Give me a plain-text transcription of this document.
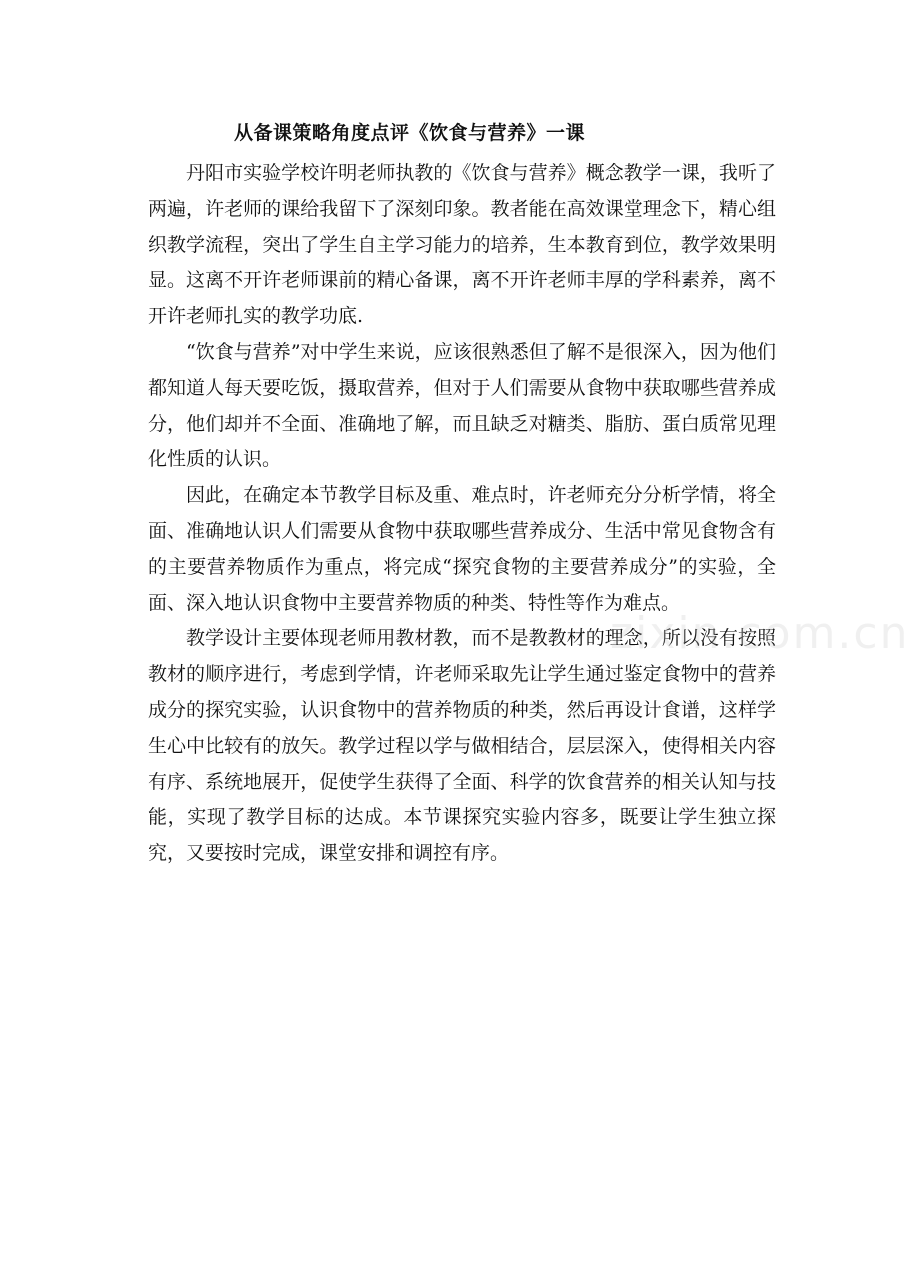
从备课策略角度点评《饮食与营养》一课

丹阳市实验学校许明老师执教的《饮食与营养》概念教学一课，我听了两遍，许老师的课给我留下了深刻印象。教者能在高效课堂理念下，精心组织教学流程，突出了学生自主学习能力的培养，生本教育到位，教学效果明显。这离不开许老师课前的精心备课，离不开许老师丰厚的学科素养，离不开许老师扎实的教学功底.

“饮食与营养”对中学生来说，应该很熟悉但了解不是很深入，因为他们都知道人每天要吃饭，摄取营养，但对于人们需要从食物中获取哪些营养成分，他们却并不全面、准确地了解，而且缺乏对糖类、脂肪、蛋白质常见理化性质的认识。

因此，在确定本节教学目标及重、难点时，许老师充分分析学情，将全面、准确地认识人们需要从食物中获取哪些营养成分、生活中常见食物含有的主要营养物质作为重点，将完成“探究食物的主要营养成分”的实验，全面、深入地认识食物中主要营养物质的种类、特性等作为难点。

教学设计主要体现老师用教材教，而不是教教材的理念，所以没有按照教材的顺序进行，考虑到学情，许老师采取先让学生通过鉴定食物中的营养成分的探究实验，认识食物中的营养物质的种类，然后再设计食谱，这样学生心中比较有的放矢。教学过程以学与做相结合，层层深入，使得相关内容有序、系统地展开，促使学生获得了全面、科学的饮食营养的相关认知与技能，实现了教学目标的达成。本节课探究实验内容多，既要让学生独立探究，又要按时完成，课堂安排和调控有序。

zixin.com.cn
